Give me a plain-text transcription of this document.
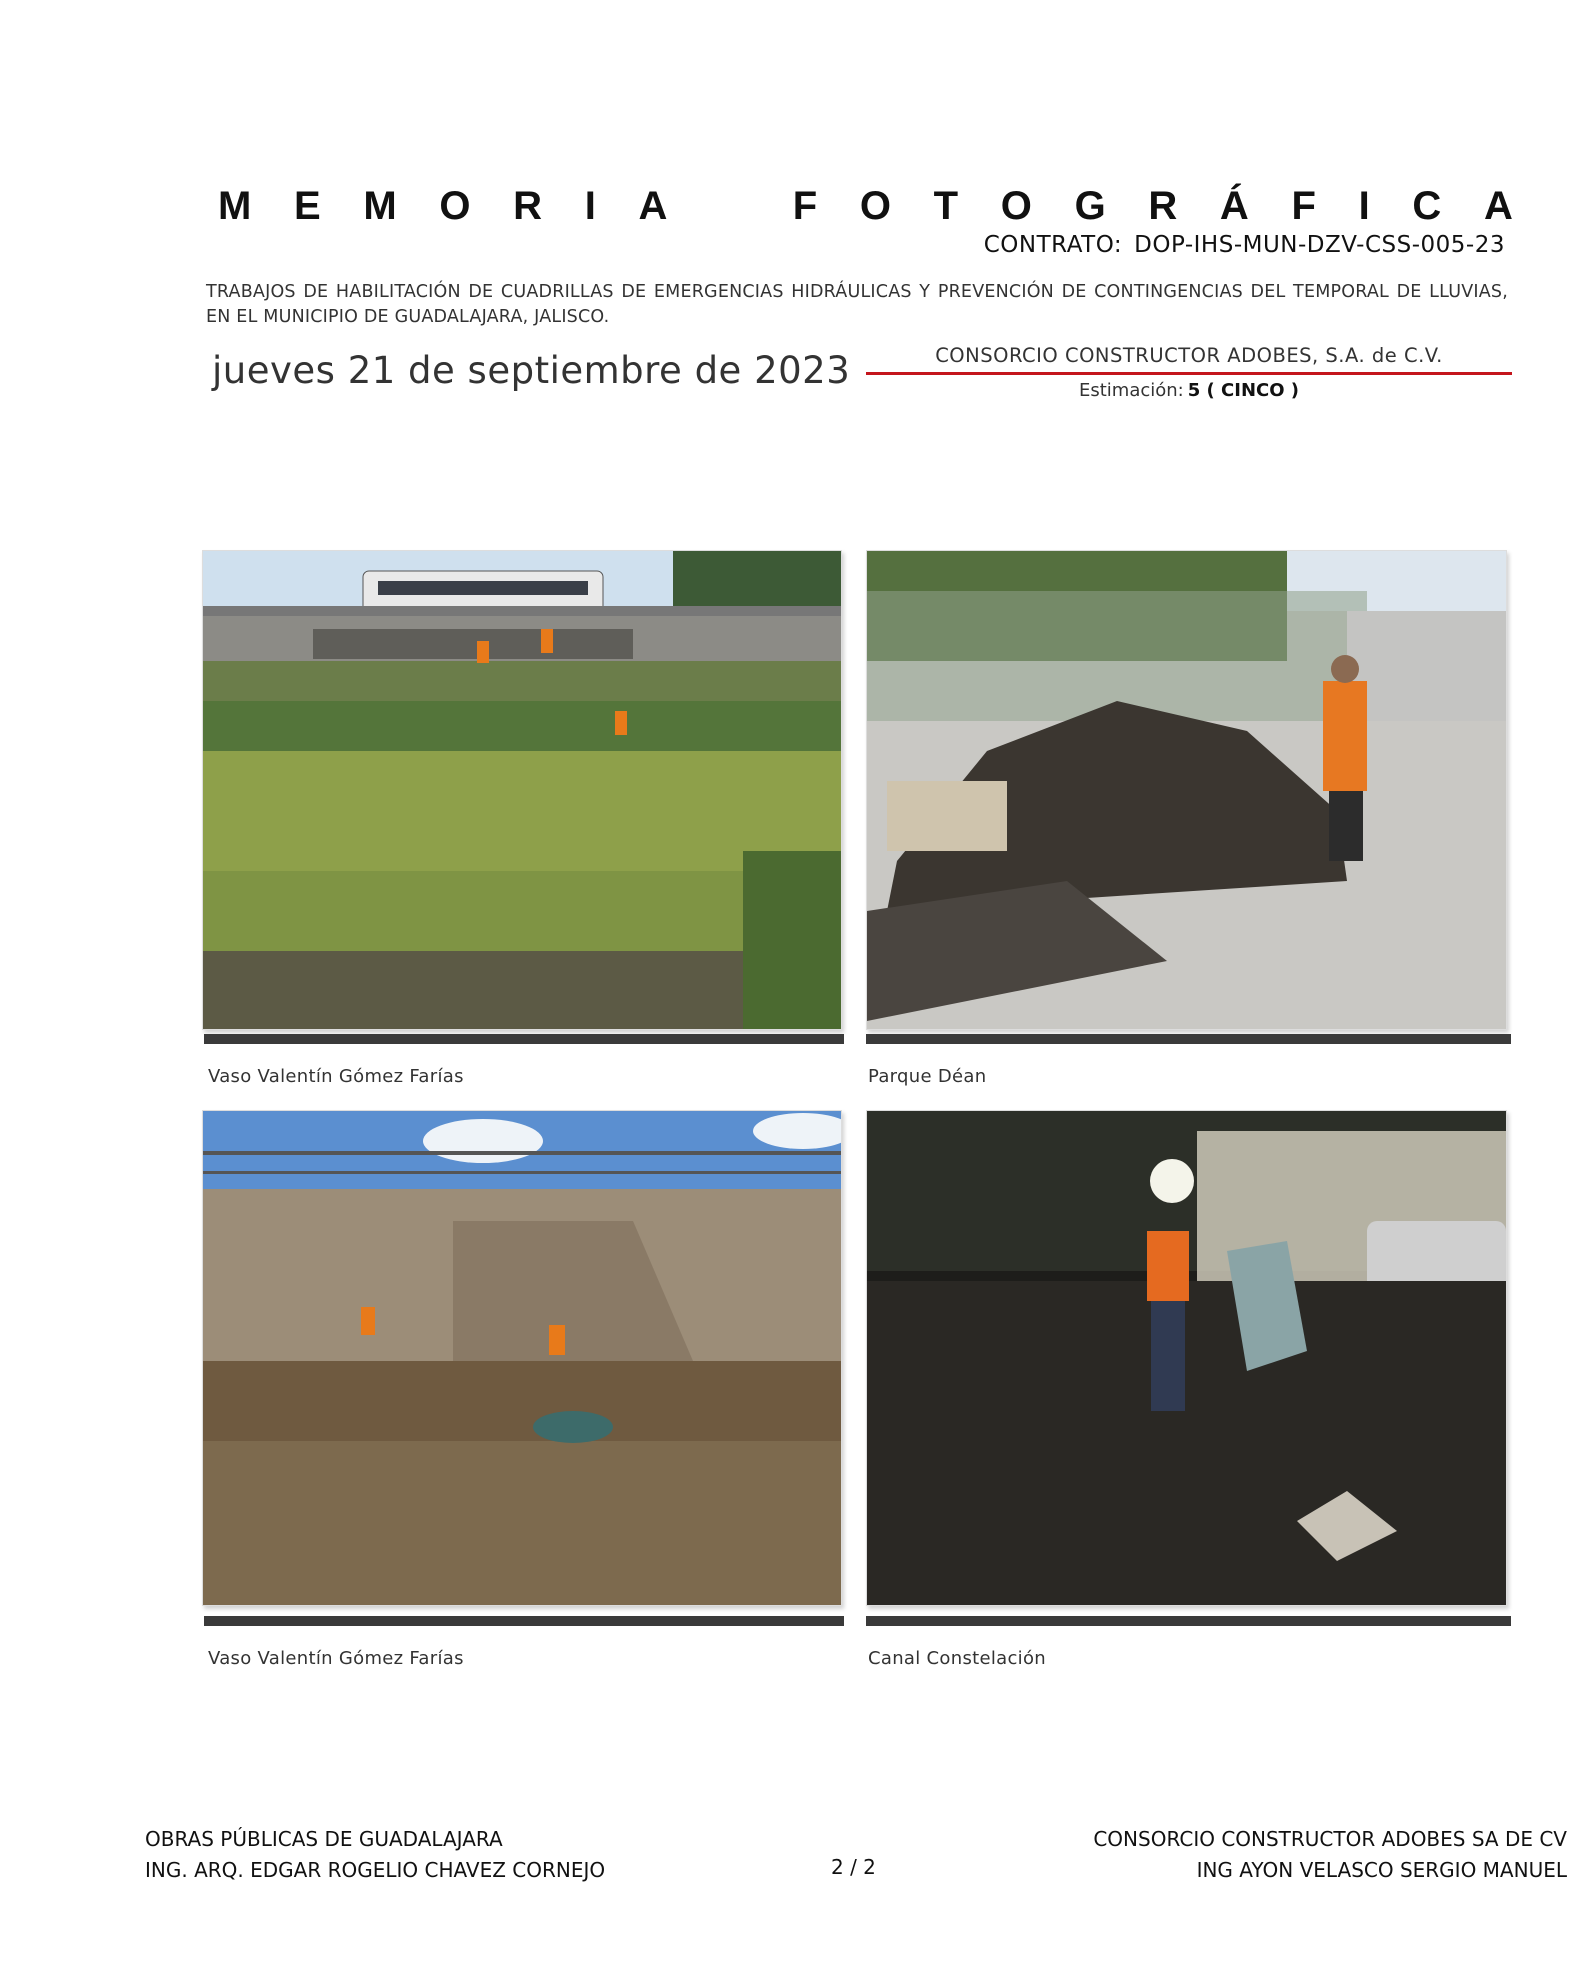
M E M O R I A	F O T O G R Á F I C A
CONTRATO: DOP-IHS-MUN-DZV-CSS-005-23
TRABAJOS DE HABILITACIÓN DE CUADRILLAS DE EMERGENCIAS HIDRÁULICAS Y PREVENCIÓN DE CONTINGENCIAS DEL TEMPORAL DE LLUVIAS, EN EL MUNICIPIO DE GUADALAJARA, JALISCO.
jueves 21 de septiembre de 2023	CONSORCIO CONSTRUCTOR ADOBES, S.A. de C.V.
Estimación: 5 ( CINCO )
Vaso Valentín Gómez Farías	Parque Déan
Vaso Valentín Gómez Farías	Canal Constelación
OBRAS PÚBLICAS DE GUADALAJARA
ING. ARQ. EDGAR ROGELIO CHAVEZ CORNEJO	2 / 2
CONSORCIO CONSTRUCTOR ADOBES SA DE CV
ING AYON VELASCO SERGIO MANUEL
